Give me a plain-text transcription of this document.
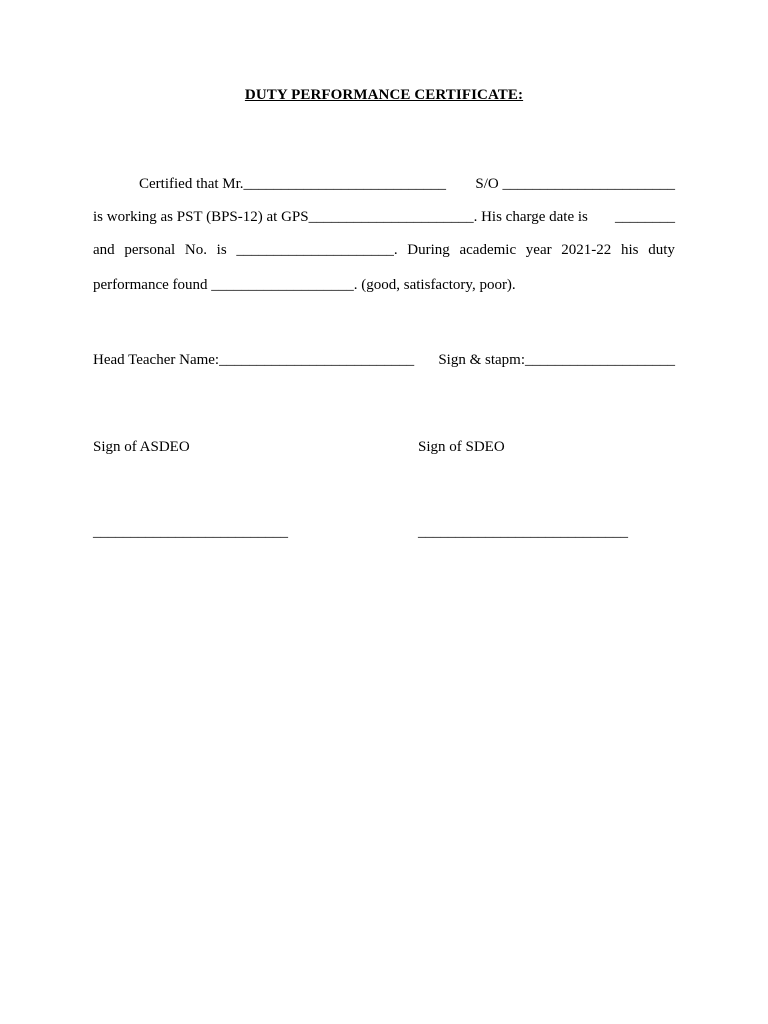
DUTY PERFORMANCE CERTIFICATE:
Certified that Mr.___________________________ S/O _______________________
is working as PST (BPS-12) at GPS______________________. His charge date is ________
and personal No. is _____________________. During academic year 2021-22 his duty
performance found ___________________. (good, satisfactory, poor).
Head Teacher Name:__________________________ Sign & stapm:____________________
Sign of ASDEO	Sign of SDEO
__________________________	____________________________
